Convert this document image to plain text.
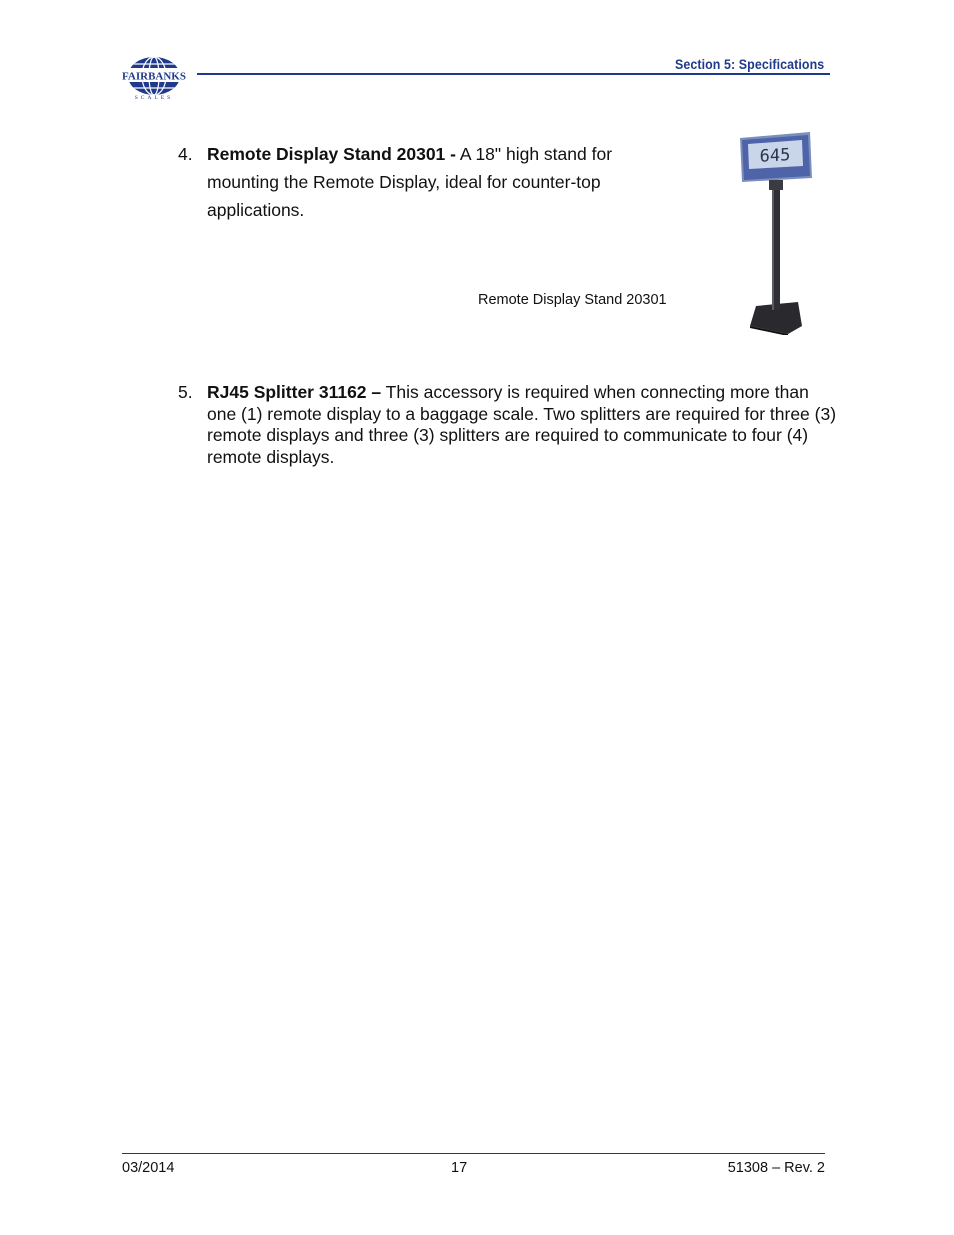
FAIRBANKS
SCALES
Section 5: Specifications
4. Remote Display Stand 20301 - A 18" high stand for mounting the Remote Display, ideal for counter-top applications.
Remote Display Stand 20301
645
5. RJ45 Splitter 31162 – This accessory is required when connecting more than one (1) remote display to a baggage scale. Two splitters are required for three (3) remote displays and three (3) splitters are required to communicate to four (4) remote displays.
03/2014	17	51308 – Rev. 2
